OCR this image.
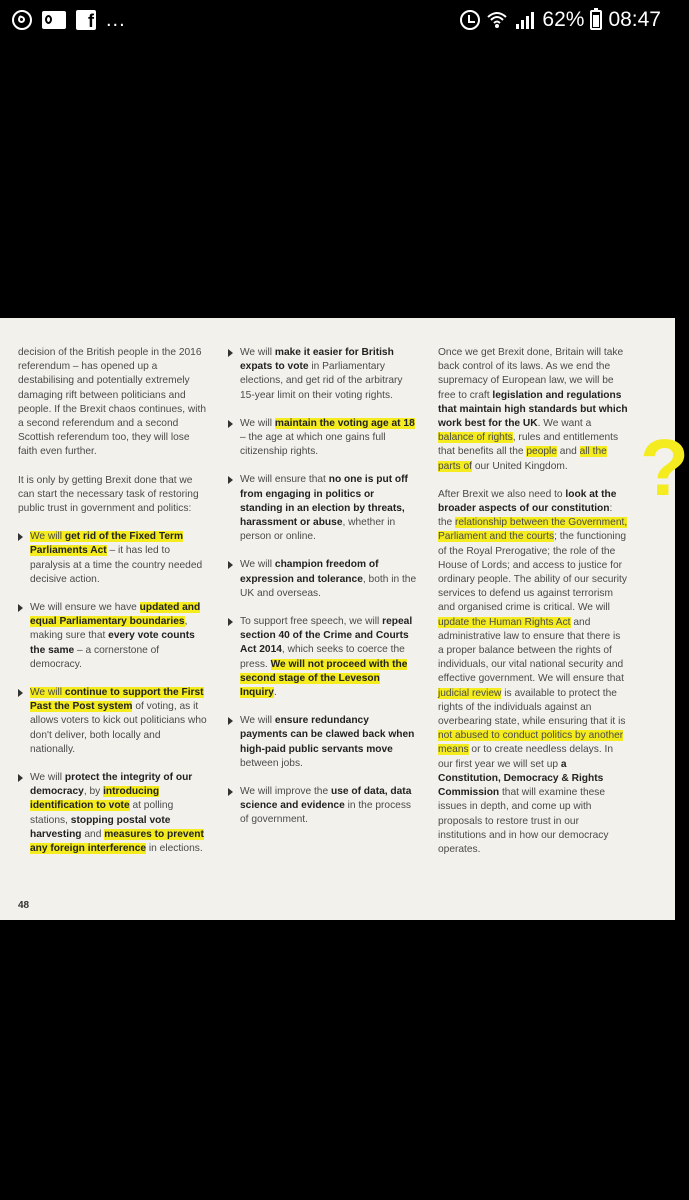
f ...	62% 08:47

decision of the British people in the 2016 referendum – has opened up a destabilising and potentially extremely damaging rift between politicians and people. If the Brexit chaos continues, with a second referendum and a second Scottish referendum too, they will lose faith even further.

It is only by getting Brexit done that we can start the necessary task of restoring public trust in government and politics:

We will get rid of the Fixed Term Parliaments Act – it has led to paralysis at a time the country needed decisive action.
We will ensure we have updated and equal Parliamentary boundaries, making sure that every vote counts the same – a cornerstone of democracy.
We will continue to support the First Past the Post system of voting, as it allows voters to kick out politicians who don't deliver, both locally and nationally.
We will protect the integrity of our democracy, by introducing identification to vote at polling stations, stopping postal vote harvesting and measures to prevent any foreign interference in elections.
We will make it easier for British expats to vote in Parliamentary elections, and get rid of the arbitrary 15-year limit on their voting rights.
We will maintain the voting age at 18 – the age at which one gains full citizenship rights.
We will ensure that no one is put off from engaging in politics or standing in an election by threats, harassment or abuse, whether in person or online.
We will champion freedom of expression and tolerance, both in the UK and overseas.
To support free speech, we will repeal section 40 of the Crime and Courts Act 2014, which seeks to coerce the press. We will not proceed with the second stage of the Leveson Inquiry.
We will ensure redundancy payments can be clawed back when high-paid public servants move between jobs.
We will improve the use of data, data science and evidence in the process of government.

Once we get Brexit done, Britain will take back control of its laws. As we end the supremacy of European law, we will be free to craft legislation and regulations that maintain high standards but which work best for the UK. We want a balance of rights, rules and entitlements that benefits all the people and all the parts of our United Kingdom.

After Brexit we also need to look at the broader aspects of our constitution: the relationship between the Government, Parliament and the courts; the functioning of the Royal Prerogative; the role of the House of Lords; and access to justice for ordinary people. The ability of our security services to defend us against terrorism and organised crime is critical. We will update the Human Rights Act and administrative law to ensure that there is a proper balance between the rights of individuals, our vital national security and effective government. We will ensure that judicial review is available to protect the rights of the individuals against an overbearing state, while ensuring that it is not abused to conduct politics by another means or to create needless delays. In our first year we will set up a Constitution, Democracy & Rights Commission that will examine these issues in depth, and come up with proposals to restore trust in our institutions and in how our democracy operates.

?
48
